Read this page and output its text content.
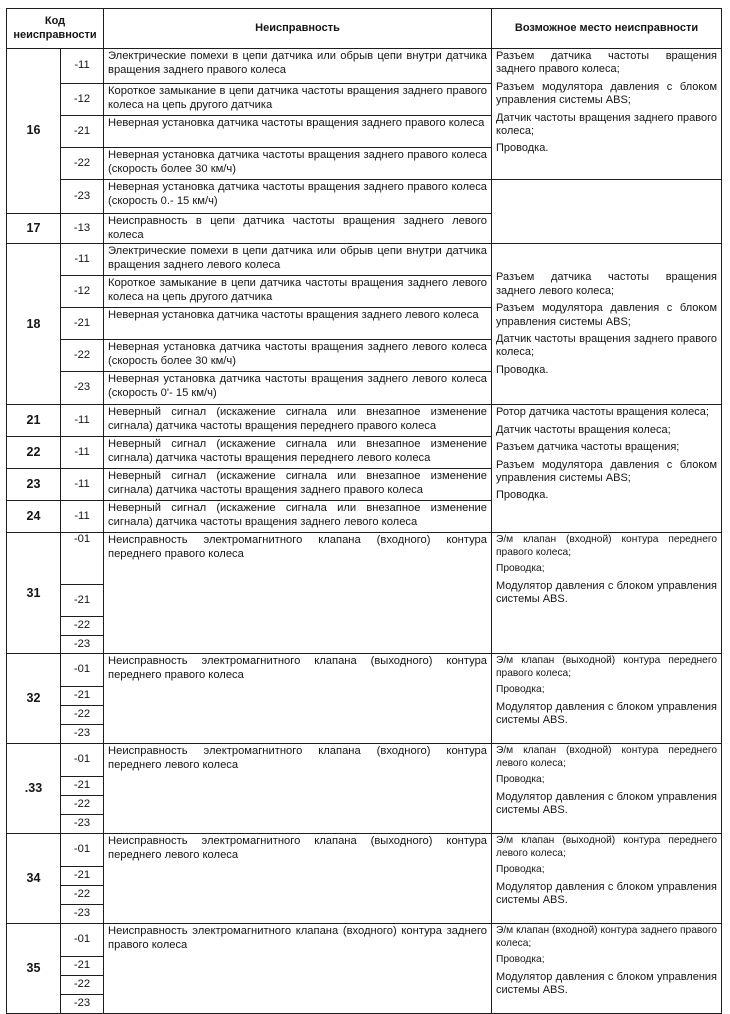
Код неисправности		Неисправность	Возможное место неисправности
16	-11	Электрические помехи в цепи датчика или обрыв цепи внутри датчика вращения заднего правого колеса	Разъем датчика частоты вращения заднего правого колеса;

Разъем модулятора давления с блоком управления системы ABS;

Датчик частоты вращения заднего правого колеса;

Проводка.

	-12	Короткое замыкание в цепи датчика частоты вращения заднего правого колеса на цепь другого датчика	
	-21	Неверная установка датчика частоты вращения заднего правого колеса	
	-22	Неверная установка датчика частоты вращения заднего правого колеса (скорость более 30 км/ч)	
	-23	Неверная установка датчика частоты вращения заднего правого колеса (скорость 0.- 15 км/ч)	
17	-13	Неисправность в цепи датчика частоты вращения заднего левого колеса	
18	-11	Электрические помехи в цепи датчика или обрыв цепи внутри датчика вращения заднего левого колеса	Разъем датчика частоты вращения заднего левого колеса;

Разъем модулятора давления с блоком управления системы ABS;

Датчик частоты вращения заднего правого колеса;

Проводка.

	-12	Короткое замыкание в цепи датчика частоты вращения заднего левого колеса на цепь другого датчика	
	-21	Неверная установка датчика частоты вращения заднего левого колеса	
	-22	Неверная установка датчика частоты вращения заднего левого колеса (скорость более 30 км/ч)	
	-23	Неверная установка датчика частоты вращения заднего левого колеса (скорость 0'- 15 км/ч)	
21	-11	Неверный сигнал (искажение сигнала или внезапное изменение сигнала) датчика частоты вращения переднего правого колеса	Ротор датчика частоты вращения колеса;

Датчик частоты вращения колеса;

Разъем датчика частоты вращения;

Разъем модулятора давления с блоком управления системы ABS;

Проводка.

22	-11	Неверный сигнал (искажение сигнала или внезапное изменение сигнала) датчика частоты вращения переднего левого колеса	
23	-11	Неверный сигнал (искажение сигнала или внезапное изменение сигнала) датчика частоты вращения заднего правого колеса	
24	-11	Неверный сигнал (искажение сигнала или внезапное изменение сигнала) датчика частоты вращения заднего левого колеса	
31	-01	Неисправность электромагнитного клапана (входного) контура переднего правого колеса	Э/м клапан (входной) контура переднего правого колеса;

Проводка;

Модулятор давления с блоком управления системы ABS.

	-21		
	-22		
	-23		
32	-01	Неисправность электромагнитного клапана (выходного) контура переднего правого колеса	Э/м клапан (выходной) контура переднего правого колеса;

Проводка;

Модулятор давления с блоком управления системы ABS.

	-21		
	-22		
	-23		
.33	-01	Неисправность электромагнитного клапана (входного) контура переднего левого колеса	Э/м клапан (входной) контура переднего левого колеса;

Проводка;

Модулятор давления с блоком управления системы ABS.

	-21		
	-22		
	-23		
34	-01	Неисправность электромагнитного клапана (выходного) контура переднего левого колеса	Э/м клапан (выходной) контура переднего левого колеса;

Проводка;

Модулятор давления с блоком управления системы ABS.

	-21		
	-22		
	-23		
35	-01	Неисправность электромагнитного клапана (входного) контура заднего правого колеса	Э/м клапан (входной) контура заднего правого колеса;

Проводка;

Модулятор давления с блоком управления системы ABS.

	-21		
	-22		
	-23		
